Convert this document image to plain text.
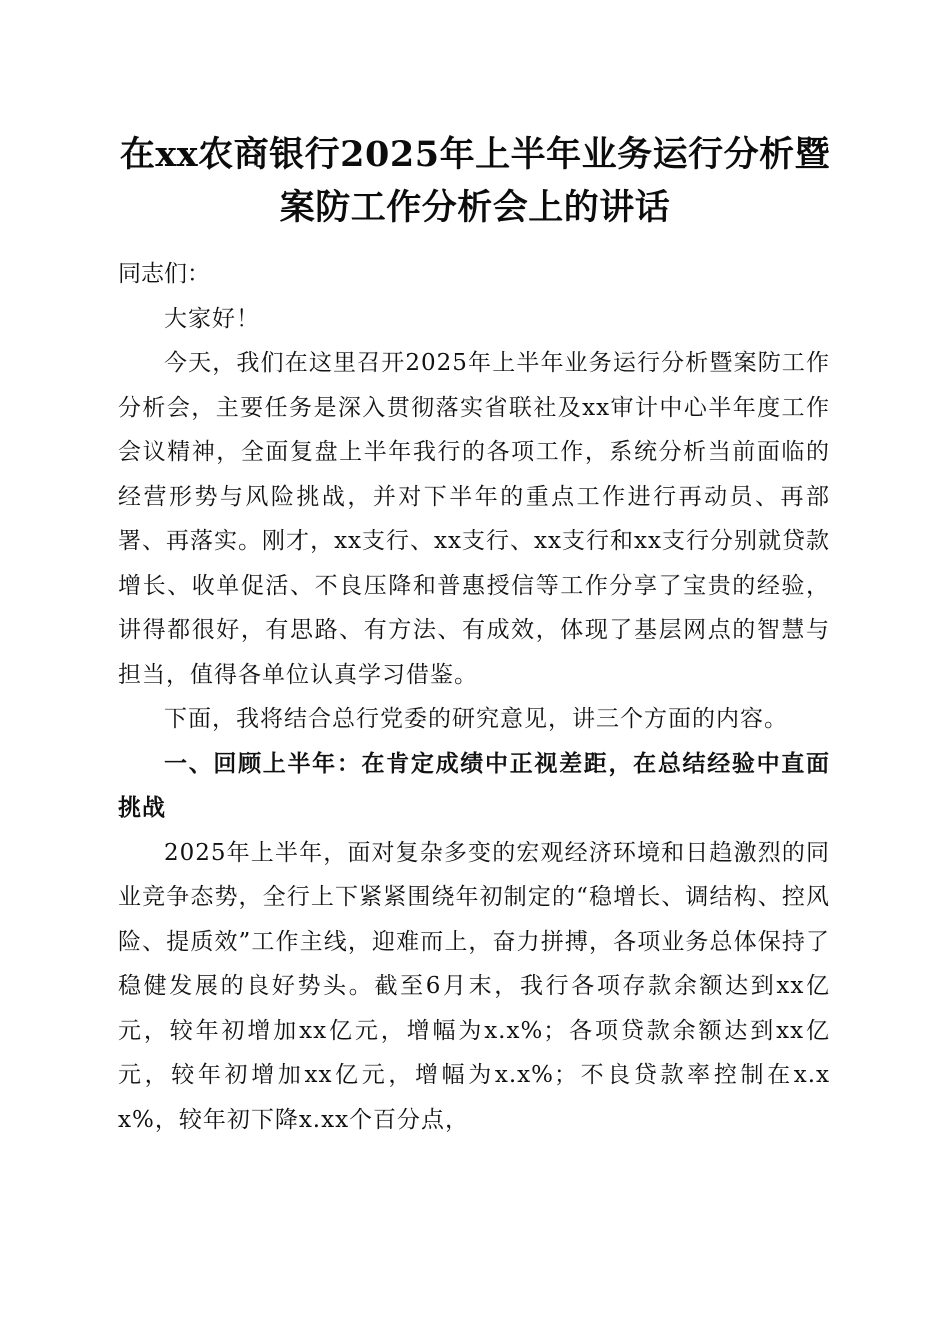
在xx农商银行2025年上半年业务运行分析暨
案防工作分析会上的讲话

同志们：

大家好！

今天，我们在这里召开2025年上半年业务运行分析暨案防工作分析会，主要任务是深入贯彻落实省联社及xx审计中心半年度工作会议精神，全面复盘上半年我行的各项工作，系统分析当前面临的经营形势与风险挑战，并对下半年的重点工作进行再动员、再部署、再落实。刚才，xx支行、xx支行、xx支行和xx支行分别就贷款增长、收单促活、不良压降和普惠授信等工作分享了宝贵的经验，讲得都很好，有思路、有方法、有成效，体现了基层网点的智慧与担当，值得各单位认真学习借鉴。

下面，我将结合总行党委的研究意见，讲三个方面的内容。

一、回顾上半年：在肯定成绩中正视差距，在总结经验中直面挑战

2025年上半年，面对复杂多变的宏观经济环境和日趋激烈的同业竞争态势，全行上下紧紧围绕年初制定的“稳增长、调结构、控风险、提质效”工作主线，迎难而上，奋力拼搏，各项业务总体保持了稳健发展的良好势头。截至6月末，我行各项存款余额达到xx亿元，较年初增加xx亿元，增幅为x.x%；各项贷款余额达到xx亿元，较年初增加xx亿元，增幅为x.x%；不良贷款率控制在x.xx%，较年初下降x.xx个百分点，
